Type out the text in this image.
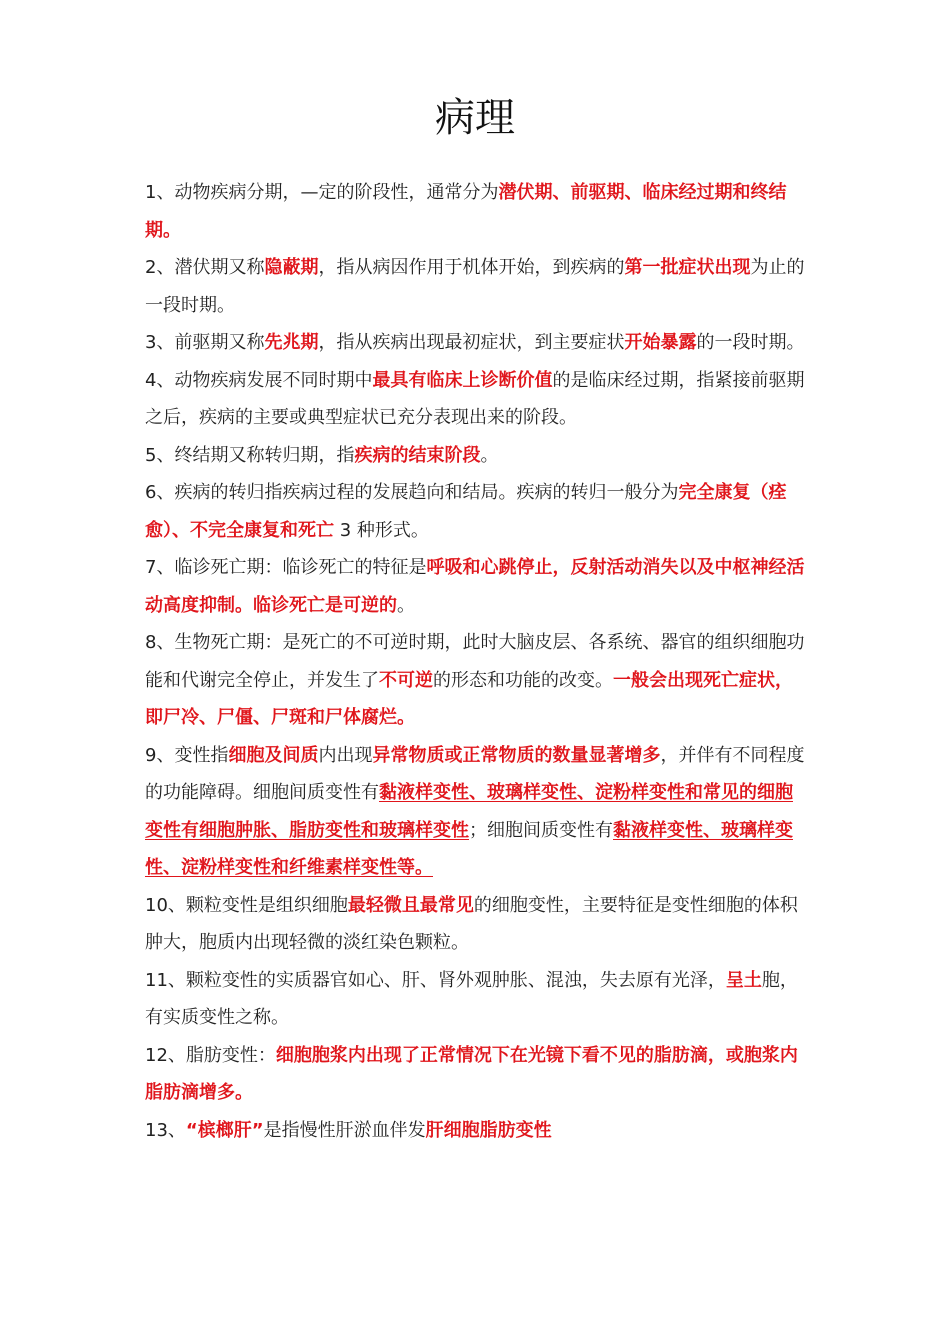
病理

1、动物疾病分期，—定的阶段性，通常分为潜伏期、前驱期、临床经过期和终结期。

2、潜伏期又称隐蔽期，指从病因作用于机体开始，到疾病的第一批症状出现为止的一段时期。

3、前驱期又称先兆期，指从疾病出现最初症状，到主要症状开始暴露的一段时期。

4、动物疾病发展不同时期中最具有临床上诊断价值的是临床经过期，指紧接前驱期之后，疾病的主要或典型症状已充分表现出来的阶段。

5、终结期又称转归期，指疾病的结束阶段。

6、疾病的转归指疾病过程的发展趋向和结局。疾病的转归一般分为完全康复（痊愈）、不完全康复和死亡 3 种形式。

7、临诊死亡期：临诊死亡的特征是呼吸和心跳停止，反射活动消失以及中枢神经活动高度抑制。临诊死亡是可逆的。

8、生物死亡期：是死亡的不可逆时期，此时大脑皮层、各系统、器官的组织细胞功能和代谢完全停止，并发生了不可逆的形态和功能的改变。一般会出现死亡症状，即尸冷、尸僵、尸斑和尸体腐烂。

9、变性指细胞及间质内出现异常物质或正常物质的数量显著增多，并伴有不同程度的功能障碍。细胞间质变性有黏液样变性、玻璃样变性、淀粉样变性和常见的细胞变性有细胞肿胀、脂肪变性和玻璃样变性；细胞间质变性有黏液样变性、玻璃样变性、淀粉样变性和纤维素样变性等。

10、颗粒变性是组织细胞最轻微且最常见的细胞变性，主要特征是变性细胞的体积肿大，胞质内出现轻微的淡红染色颗粒。

11、颗粒变性的实质器官如心、肝、肾外观肿胀、混浊，失去原有光泽，呈土胞，有实质变性之称。

12、脂肪变性：细胞胞浆内出现了正常情况下在光镜下看不见的脂肪滴，或胞浆内脂肪滴增多。

13、“槟榔肝”是指慢性肝淤血伴发肝细胞脂肪变性
